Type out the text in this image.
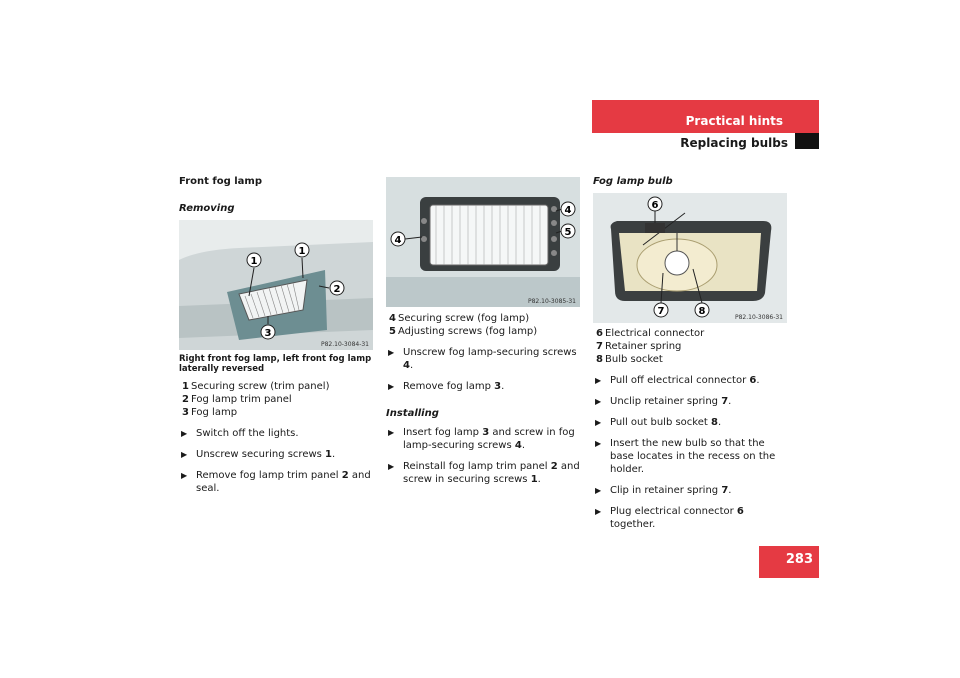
Practical hints
Replacing bulbs

Front fog lamp

Removing

1
1
2
3
P82.10-3084-31

Right front fog lamp, left front fog lamp laterally reversed

1 Securing screw (trim panel)

2 Fog lamp trim panel

3 Fog lamp

▶ Switch off the lights.

▶ Unscrew securing screws 1.

▶ Remove fog lamp trim panel 2 and seal.

4
4
5
P82.10-3085-31

4 Securing screw (fog lamp)

5 Adjusting screws (fog lamp)

▶ Unscrew fog lamp-securing screws 4.

▶ Remove fog lamp 3.

Installing

▶ Insert fog lamp 3 and screw in fog lamp-securing screws 4.

▶ Reinstall fog lamp trim panel 2 and screw in securing screws 1.

Fog lamp bulb

6
7	8
P82.10-3086-31

6 Electrical connector

7 Retainer spring

8 Bulb socket

▶ Pull off electrical connector 6.

▶ Unclip retainer spring 7.

▶ Pull out bulb socket 8.

▶ Insert the new bulb so that the base locates in the recess on the holder.

▶ Clip in retainer spring 7.

▶ Plug electrical connector 6 together.

283
